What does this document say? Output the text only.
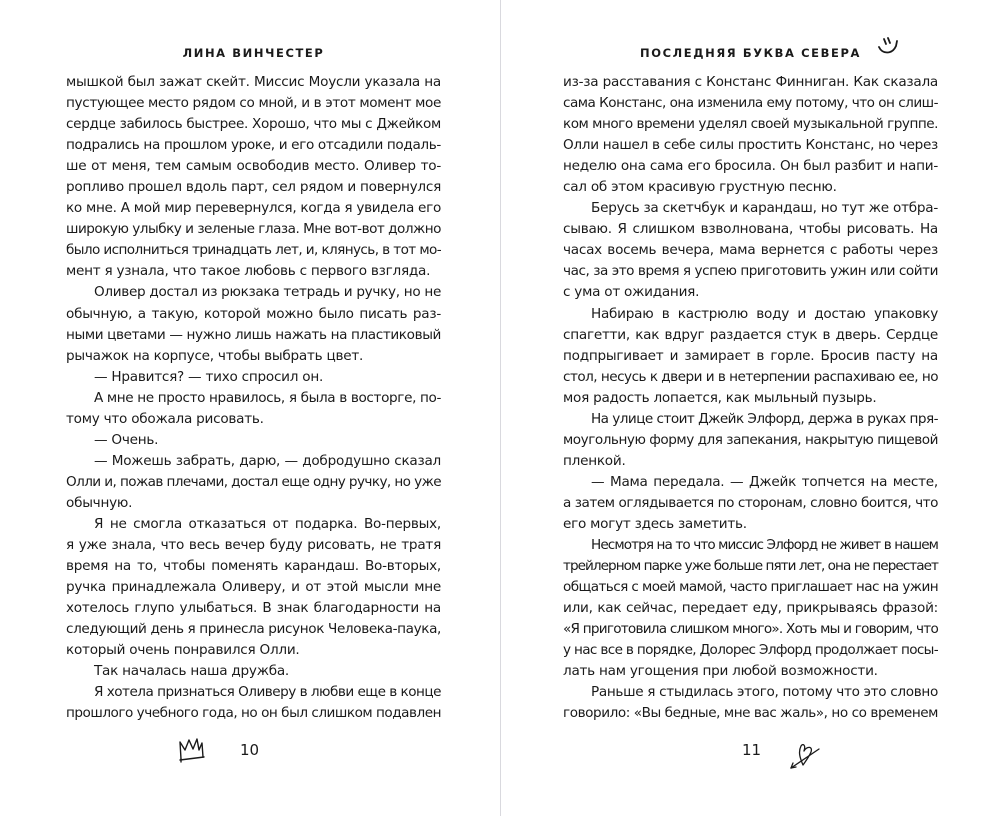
ЛИНА ВИНЧЕСТЕР
мышкой был зажат скейт. Миссис Моусли указала на
пустующее место рядом со мной, и в этот момент мое
сердце забилось быстрее. Хорошо, что мы с Джейком
подрались на прошлом уроке, и его отсадили подаль-
ше от меня, тем самым освободив место. Оливер то-
ропливо прошел вдоль парт, сел рядом и повернулся
ко мне. А мой мир перевернулся, когда я увидела его
широкую улыбку и зеленые глаза. Мне вот-вот должно
было исполниться тринадцать лет, и, клянусь, в тот мо-
мент я узнала, что такое любовь с первого взгляда.
Оливер достал из рюкзака тетрадь и ручку, но не
обычную, а такую, которой можно было писать раз-
ными цветами — нужно лишь нажать на пластиковый
рычажок на корпусе, чтобы выбрать цвет.
— Нравится? — тихо спросил он.
А мне не просто нравилось, я была в восторге, по-
тому что обожала рисовать.
— Очень.
— Можешь забрать, дарю, — добродушно сказал
Олли и, пожав плечами, достал еще одну ручку, но уже
обычную.
Я не смогла отказаться от подарка. Во-первых,
я уже знала, что весь вечер буду рисовать, не тратя
время на то, чтобы поменять карандаш. Во-вторых,
ручка принадлежала Оливеру, и от этой мысли мне
хотелось глупо улыбаться. В знак благодарности на
следующий день я принесла рисунок Человека-паука,
который очень понравился Олли.
Так началась наша дружба.
Я хотела признаться Оливеру в любви еще в конце
прошлого учебного года, но он был слишком подавлен
10
ПОСЛЕДНЯЯ БУКВА СЕВЕРА
из-за расставания с Констанс Финниган. Как сказала
сама Констанс, она изменила ему потому, что он слиш-
ком много времени уделял своей музыкальной группе.
Олли нашел в себе силы простить Констанс, но через
неделю она сама его бросила. Он был разбит и напи-
сал об этом красивую грустную песню.
Берусь за скетчбук и карандаш, но тут же отбра-
сываю. Я слишком взволнована, чтобы рисовать. На
часах восемь вечера, мама вернется с работы через
час, за это время я успею приготовить ужин или сойти
с ума от ожидания.
Набираю в кастрюлю воду и достаю упаковку
спагетти, как вдруг раздается стук в дверь. Сердце
подпрыгивает и замирает в горле. Бросив пасту на
стол, несусь к двери и в нетерпении распахиваю ее, но
моя радость лопается, как мыльный пузырь.
На улице стоит Джейк Элфорд, держа в руках пря-
моугольную форму для запекания, накрытую пищевой
пленкой.
— Мама передала. — Джейк топчется на месте,
а затем оглядывается по сторонам, словно боится, что
его могут здесь заметить.
Несмотря на то что миссис Элфорд не живет в нашем
трейлерном парке уже больше пяти лет, она не перестает
общаться с моей мамой, часто приглашает нас на ужин
или, как сейчас, передает еду, прикрываясь фразой:
«Я приготовила слишком много». Хоть мы и говорим, что
у нас все в порядке, Долорес Элфорд продолжает посы-
лать нам угощения при любой возможности.
Раньше я стыдилась этого, потому что это словно
говорило: «Вы бедные, мне вас жаль», но со временем
11
